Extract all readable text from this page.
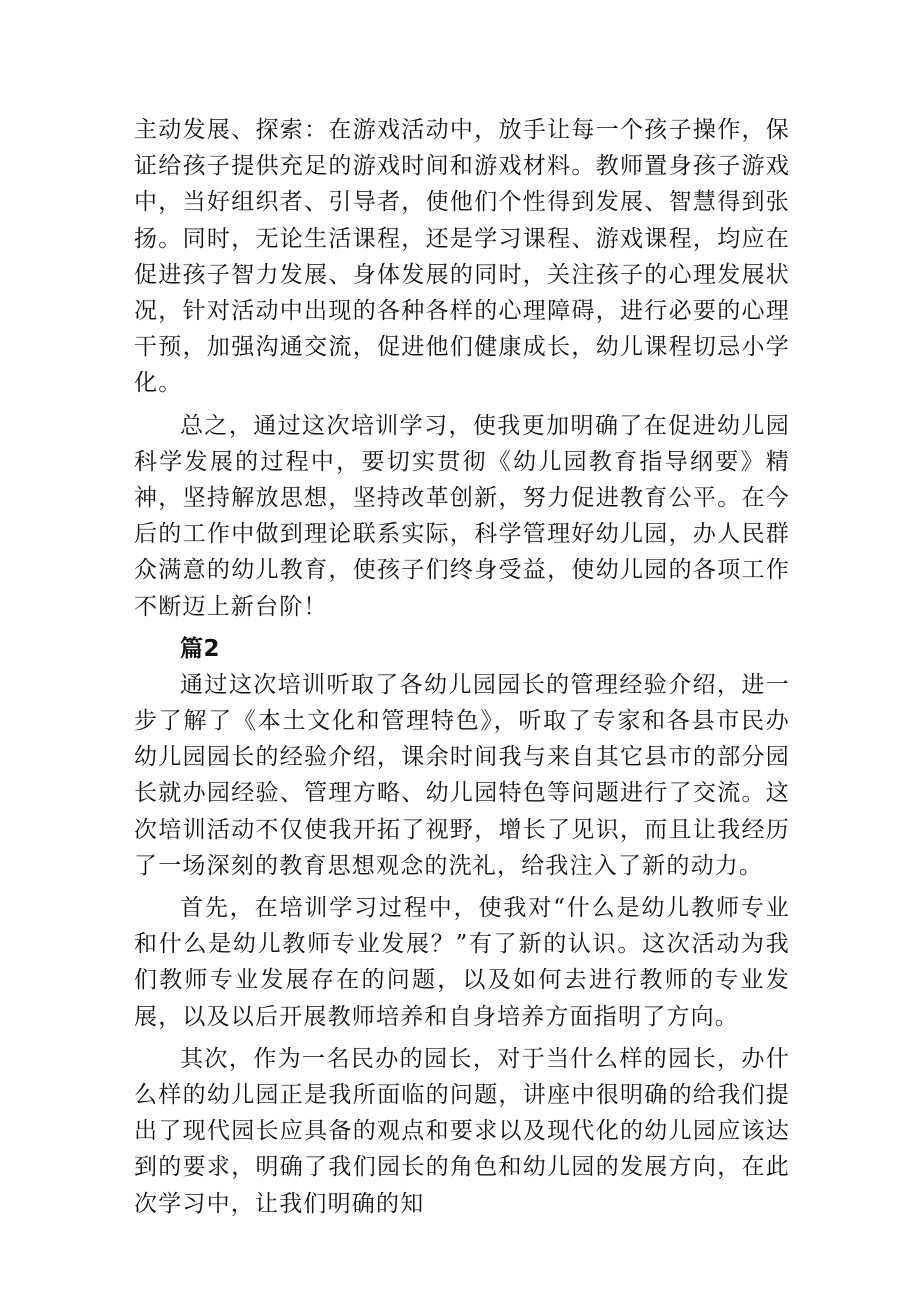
主动发展、探索：在游戏活动中，放手让每一个孩子操作，保证给孩子提供充足的游戏时间和游戏材料。教师置身孩子游戏中，当好组织者、引导者，使他们个性得到发展、智慧得到张扬。同时，无论生活课程，还是学习课程、游戏课程，均应在促进孩子智力发展、身体发展的同时，关注孩子的心理发展状况，针对活动中出现的各种各样的心理障碍，进行必要的心理干预，加强沟通交流，促进他们健康成长，幼儿课程切忌小学化。

总之，通过这次培训学习，使我更加明确了在促进幼儿园科学发展的过程中，要切实贯彻《幼儿园教育指导纲要》精神，坚持解放思想，坚持改革创新，努力促进教育公平。在今后的工作中做到理论联系实际，科学管理好幼儿园，办人民群众满意的幼儿教育，使孩子们终身受益，使幼儿园的各项工作不断迈上新台阶！

篇2

通过这次培训听取了各幼儿园园长的管理经验介绍，进一步了解了《本土文化和管理特色》，听取了专家和各县市民办幼儿园园长的经验介绍，课余时间我与来自其它县市的部分园长就办园经验、管理方略、幼儿园特色等问题进行了交流。这次培训活动不仅使我开拓了视野，增长了见识，而且让我经历了一场深刻的教育思想观念的洗礼，给我注入了新的动力。

首先，在培训学习过程中，使我对“什么是幼儿教师专业和什么是幼儿教师专业发展？”有了新的认识。这次活动为我们教师专业发展存在的问题，以及如何去进行教师的专业发展，以及以后开展教师培养和自身培养方面指明了方向。

其次，作为一名民办的园长，对于当什么样的园长，办什么样的幼儿园正是我所面临的问题，讲座中很明确的给我们提出了现代园长应具备的观点和要求以及现代化的幼儿园应该达到的要求，明确了我们园长的角色和幼儿园的发展方向，在此次学习中，让我们明确的知
